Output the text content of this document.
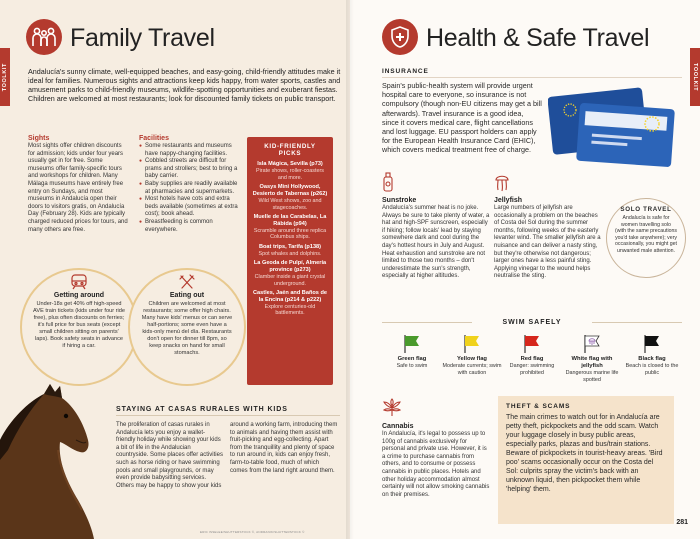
TOOLKIT
Family Travel
Andalucía's sunny climate, well-equipped beaches, and easy-going, child-friendly attitudes make it ideal for families. Numerous sights and attractions keep kids happy, from water sports, castles and amusement parks to child-friendly museums, wildlife-spotting opportunities and exuberant fiestas. Children are welcomed at most restaurants; look for discounted family tickets on public transport.
Sights
Most sights offer children discounts for admission; kids under four years usually get in for free. Some museums offer family-specific tours and workshops for children. Many Málaga museums have entirely free entry on Sundays, and most museums in Andalucía open their doors to visitors gratis, on Andalucía Day (February 28). Kids are typically charged reduced prices for tours, and many others are free.
Facilities
● Some restaurants and museums have nappy-changing facilities.
● Cobbled streets are difficult for prams and strollers; best to bring a baby carrier.
● Baby supplies are readily available at pharmacies and supermarkets.
● Most hotels have cots and extra beds available (sometimes at extra cost); book ahead.
● Breastfeeding is common everywhere.
KID-FRIENDLY PICKS
Isla Mágica, Sevilla (p73)
Pirate shows, roller-coasters and more.
Oasys Mini Hollywood, Desierto de Tabernas (p262)
Wild West shows, zoo and stagecoaches.
Muelle de las Carabelas, La Rábida (p94)
Scramble around three replica Columbus ships.
Boat trips, Tarifa (p138)
Spot whales and dolphins.
La Geoda de Pulpí, Almería province (p273)
Clamber inside a giant crystal underground.
Castles, Jaén and Baños de la Encina (p214 & p222)
Explore centuries-old battlements.
Getting around
Under-18s get 40% off high-speed AVE train tickets (kids under four ride free), plus often discounts on ferries; it's full price for bus seats (except small children sitting on parents' laps). Book safety seats in advance if hiring a car.
Eating out
Children are welcomed at most restaurants; some offer high chairs. Many have kids' menus or can serve half-portions; some even have a kids-only menú del día. Restaurants don't open for dinner till 8pm, so keep snacks on hand for small stomachs.
STAYING AT CASAS RURALES WITH KIDS
The proliferation of casas rurales in Andalucía lets you enjoy a wallet-friendly holiday while showing your kids a bit of life in the Andalucian countryside. Some places offer activities such as horse riding or have swimming pools and small playgrounds, or may even provide babysitting services. Others may be happy to show your kids
around a working farm, introducing them to animals and having them assist with fruit-picking and egg-collecting. Apart from the tranquillity and plenty of space to run around in, kids can enjoy fresh, farm-to-table food, much of which comes from the land right around them.
ERIC ISSELEE/SHUTTERSTOCK ©, ANDRANIK/SHUTTERSTOCK ©
TOOLKIT
Health & Safe Travel
INSURANCE
Spain's public-health system will provide urgent hospital care to everyone, so insurance is not compulsory (though non-EU citizens may get a bill afterwards). Travel insurance is a good idea, since it covers medical care, flight cancellations and lost luggage. EU passport holders can apply for the European Health Insurance Card (EHIC), which covers medical treatment free of charge.
Sunstroke
Andalucía's summer heat is no joke. Always be sure to take plenty of water, a hat and high-SPF sunscreen, especially if hiking; follow locals' lead by staying somewhere dark and cool during the day's hottest hours in July and August. Heat exhaustion and sunstroke are not limited to those two months – don't underestimate the sun's strength, especially at higher altitudes.
Jellyfish
Large numbers of jellyfish are occasionally a problem on the beaches of Costa del Sol during the summer months, following weeks of the easterly levanter wind. The smaller jellyfish are a nuisance and can deliver a nasty sting, but they're otherwise not dangerous; larger ones have a less painful sting. Applying vinegar to the wound helps neutralise the sting.
SOLO TRAVEL
Andalucía is safe for women travelling solo (with the same precautions you'd take anywhere); very occasionally, you might get unwanted male attention.
SWIM SAFELY
Green flag
Safe to swim
Yellow flag
Moderate currents; swim with caution
Red flag
Danger: swimming prohibited
White flag with jellyfish
Dangerous marine life spotted
Black flag
Beach is closed to the public
Cannabis
In Andalucía, it's legal to possess up to 100g of cannabis exclusively for personal and private use. However, it is a crime to purchase cannabis from others, and to consume or possess cannabis in public places. Hotels and other holiday accommodation almost certainly will not allow smoking cannabis on their premises.
THEFT & SCAMS
The main crimes to watch out for in Andalucía are petty theft, pickpockets and the odd scam. Watch your luggage closely in busy public areas, especially parks, plazas and bus/train stations. Beware of pickpockets in tourist-heavy areas. 'Bird poo' scams occasionally occur on the Costa del Sol: culprits spray the victim's back with an unknown liquid, then pickpocket them while 'helping' them.
281
